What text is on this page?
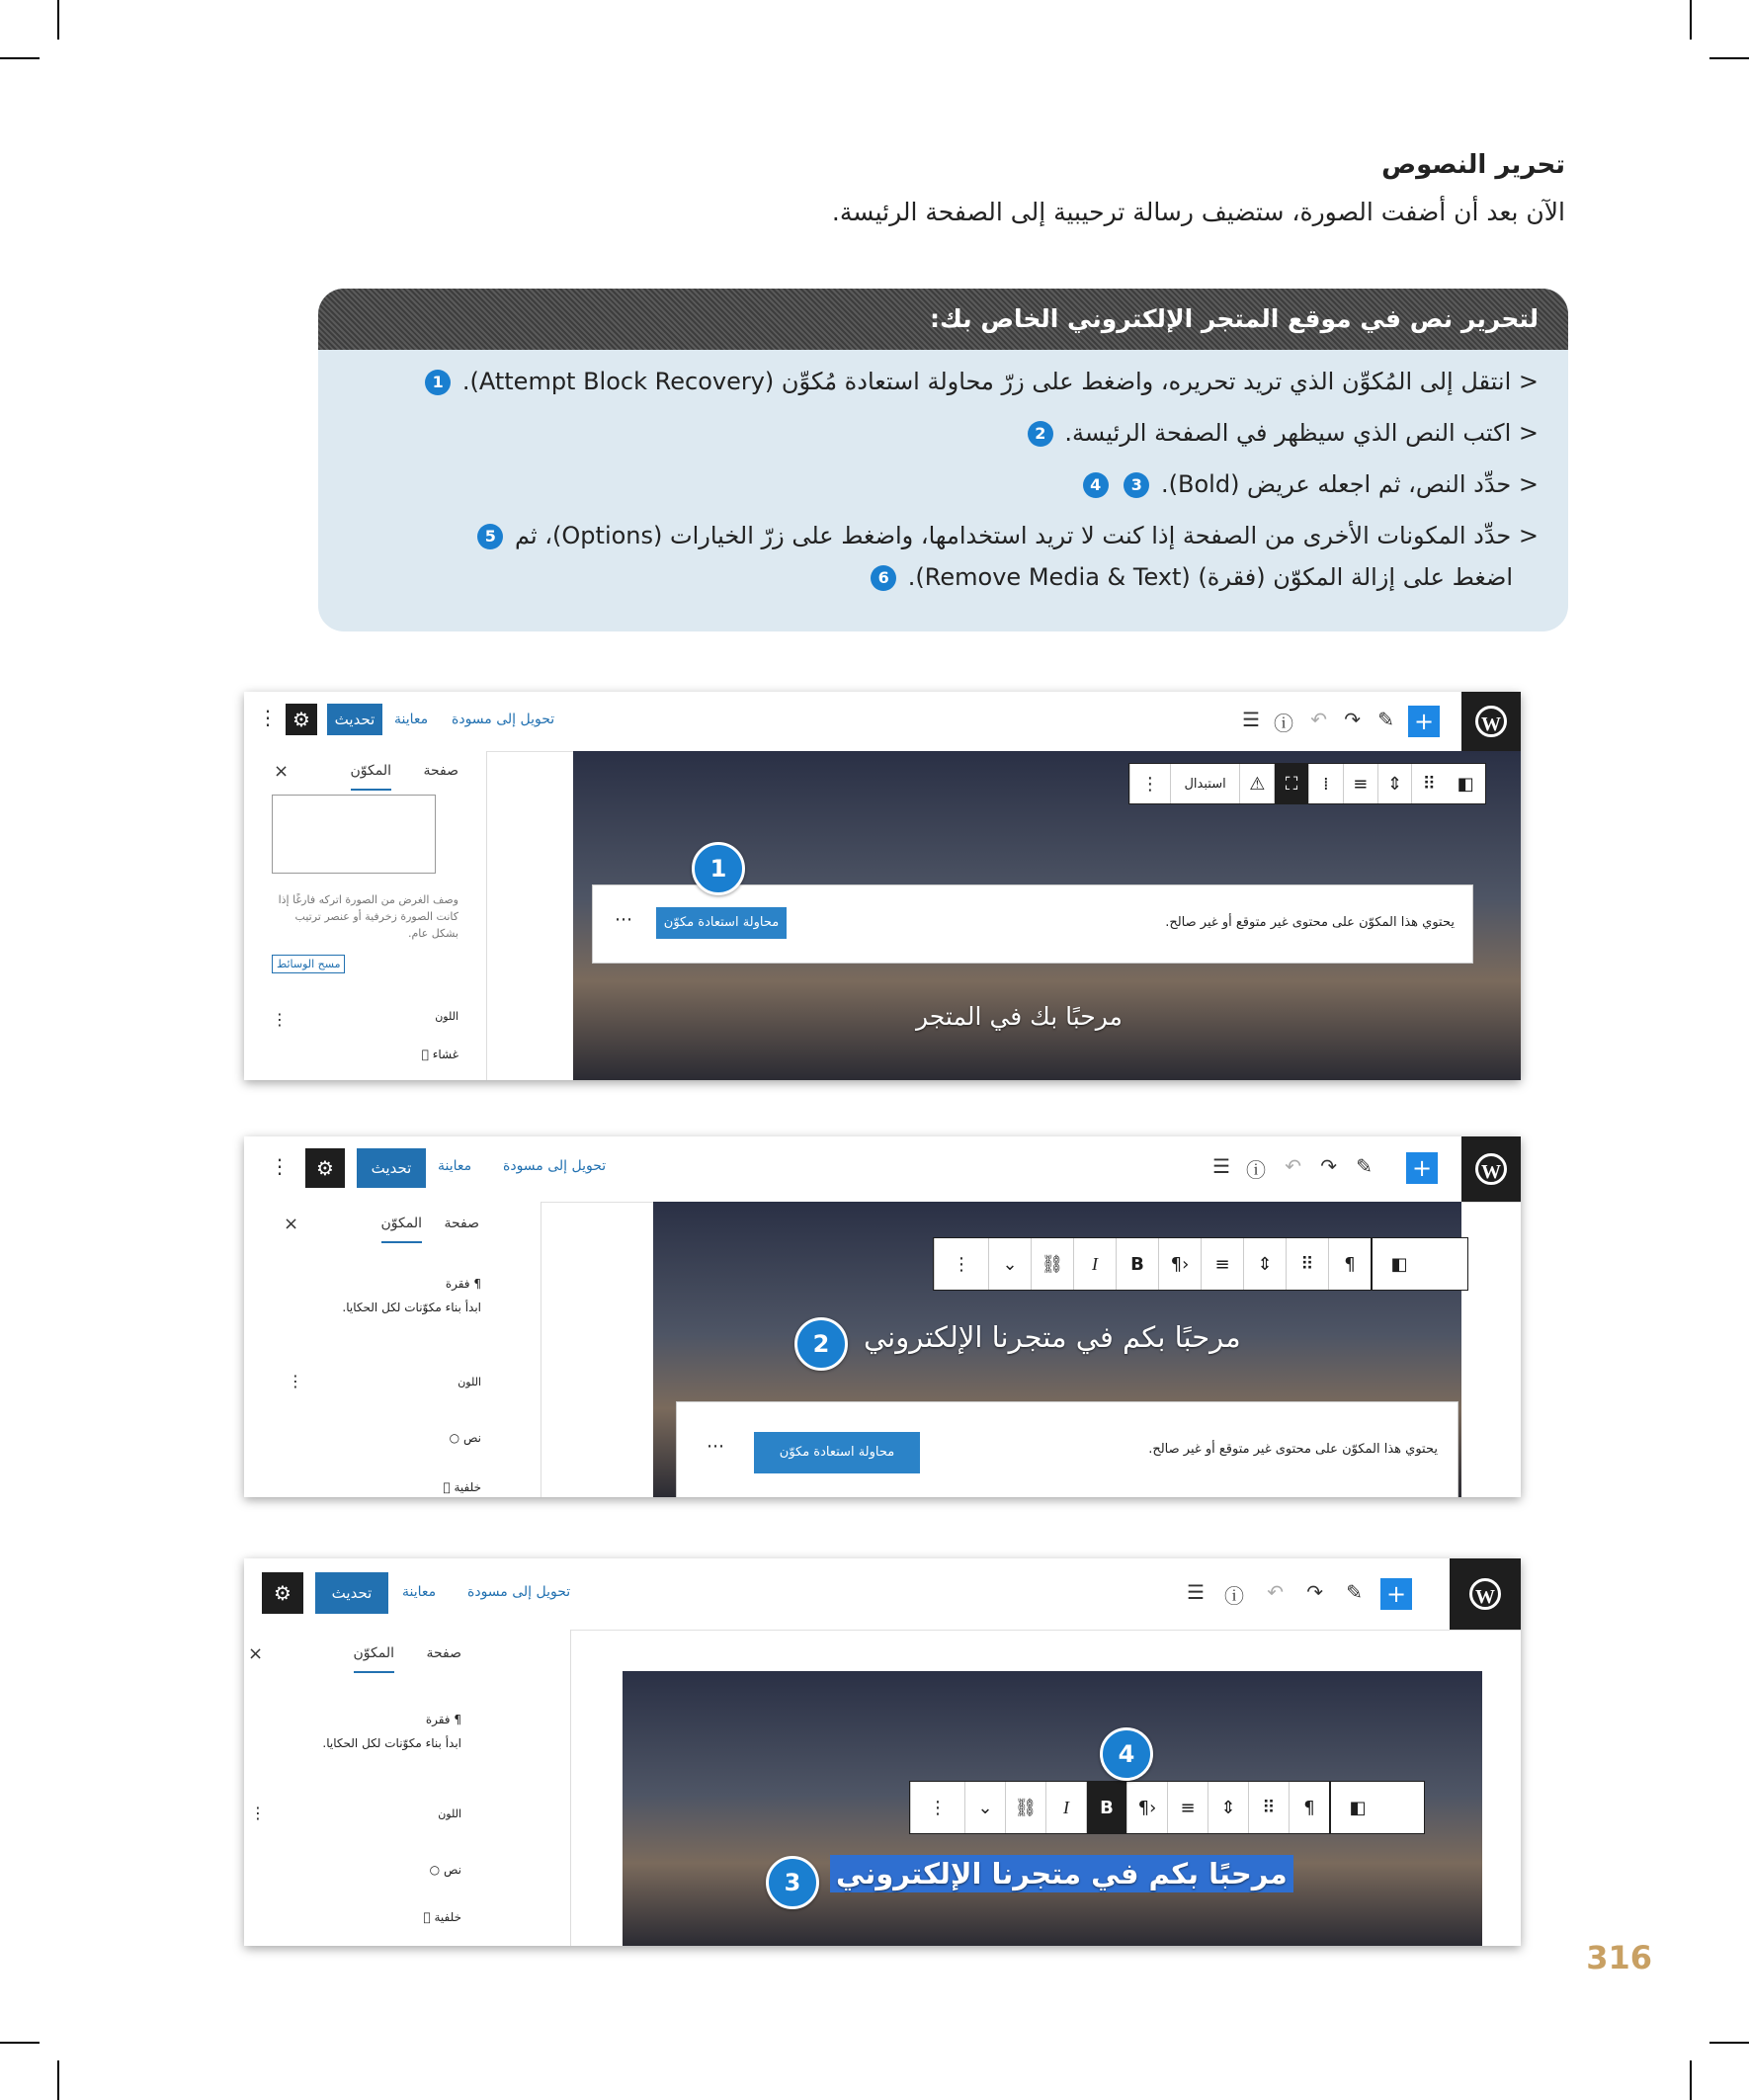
تحرير النصوص
الآن بعد أن أضفت الصورة، ستضيف رسالة ترحيبية إلى الصفحة الرئيسة.
لتحرير نص في موقع المتجر الإلكتروني الخاص بك:
< انتقل إلى المُكوِّن الذي تريد تحريره، واضغط على زرّ محاولة استعادة مُكوِّن (Attempt Block Recovery). 1
< اكتب النص الذي سيظهر في الصفحة الرئيسة. 2
< حدِّد النص، ثم اجعله عريض (Bold). 3 4
< حدِّد المكونات الأخرى من الصفحة إذا كنت لا تريد استخدامها، واضغط على زرّ الخيارات (Options)، ثم 5
اضغط على إزالة المكوّن (فقرة) (Remove Media & Text). 6
W
+
✎
↷
↶
ⓘ
☰
⚙	تحديث	معاينة تحويل إلى مسودة
⋮
صفحة
المكوّن
×
وصف الغرض من الصورة اتركه فارغًا إذا كانت الصورة زخرفية أو عنصر ترتيب بشكل عام.
مسح الوسائط
اللون
⋮
غشاء ⃠
⋮	استبدال	⚠	⛶	⁞	≡	⇕	⠿	◧
يحتوي هذا المكوّن على محتوى غير متوقع أو غير صالح.
محاولة استعادة مكوّن
⋯
مرحبًا بك في المتجر
1
W
+
✎
↷
↶
ⓘ
☰
⚙	تحديث	معاينة تحويل إلى مسودة
⋮
صفحة
المكوّن
×
¶ فقرة
ابدأ بناء مكوّنات لكل الحكايا.
اللون
⋮
نص ○
خلفية ⃠
⋮	⌄	⛓	I	B	¶›	≡	⇕	⠿	¶	◧
مرحبًا بكم في متجرنا الإلكتروني
2
يحتوي هذا المكوّن على محتوى غير متوقع أو غير صالح.
محاولة استعادة مكوّن
⋯
W
+
✎
↷
↶
ⓘ
☰
⚙	تحديث	معاينة تحويل إلى مسودة
صفحة
المكوّن
×
¶ فقرة
ابدأ بناء مكوّنات لكل الحكايا.
اللون
⋮
نص ○
خلفية ⃠
⋮	⌄	⛓	I	B	¶›	≡	⇕	⠿	¶	◧
مرحبًا بكم في متجرنا الإلكتروني
3
4
316
